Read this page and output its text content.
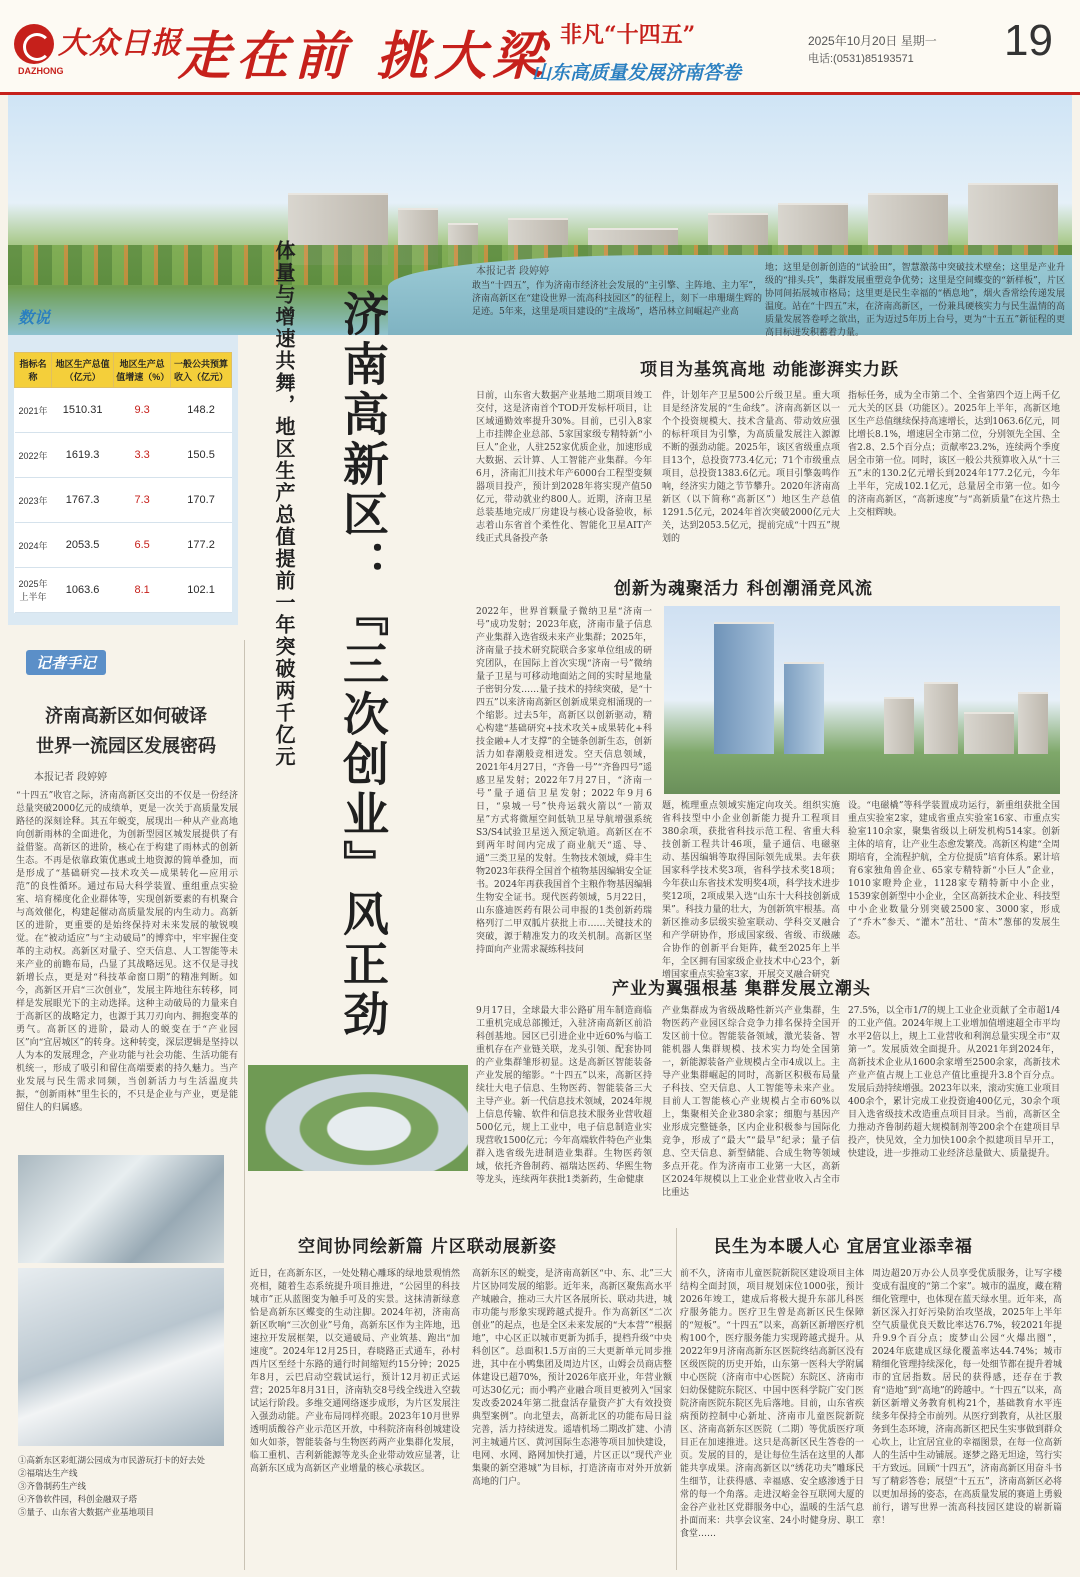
大众日报
DAZHONG 走在前 挑大梁 非凡“十四五”
山东高质量发展济南答卷
2025年10月20日 星期一
电话:(0531)85193571 19
数说
指标名称	地区生产总值（亿元）	地区生产总值增速（%）	一般公共预算收入（亿元）
2021年	1510.31	9.3	148.2
2022年	1619.3	3.3	150.5
2023年	1767.3	7.3	170.7
2024年	2053.5	6.5	177.2
2025年上半年	1063.6	8.1	102.1	体量与增速共舞，地区生产总值提前一年突破两千亿元 济南高新区：『三次创业』风正劲
记者手记
济南高新区如何破译
世界一流园区发展密码
本报记者 段婷婷
“十四五”收官之际，济南高新区交出的不仅是一份经济总量突破2000亿元的成绩单，更是一次关于高质量发展路径的深刻诠释。其五年蜕变，展现出一种从产业高地向创新雨林的全面进化，为创新型园区城发展提供了有益借鉴。高新区的进阶，核心在于构建了雨林式的创新生态。不再是依靠政策优惠或土地资源的简单叠加，而是形成了“基础研究—技术攻关—成果转化—应用示范”的良性循环。通过布局大科学装置、重组重点实验室、培育梯度化企业群体等，实现创新要素的有机聚合与高效催化，构建起催动高质量发展的内生动力。高新区的进阶，更重要的是始终保持对未来发展的敏锐嗅觉。在“被动适应”与“主动破局”的博弈中，牢牢握住变革的主动权。高新区对量子、空天信息、人工智能等未来产业的前瞻布局，凸显了其战略远见。这不仅是寻找新增长点，更是对“科技革命窗口期”的精准判断。如今，高新区开启“三次创业”，发展主阵地往东转移，同样是发展眼光下的主动选择。这种主动破局的力量来自于高新区的战略定力，也源于其刀刃向内、拥抱变革的勇气。高新区的进阶，最动人的蜕变在于“产业园区”向“宜居城区”的转身。这种转变，深层逻辑是坚持以人为本的发展理念，产业功能与社会功能、生活功能有机统一，形成了吸引和留住高端要素的持久魅力。当产业发展与民生需求同频，当创新活力与生活温度共振，“创新雨林”里生长的，不只是企业与产业，更是能留住人的归属感。
①高新东区彩虹湖公园成为市民游玩打卡的好去处
②福瑞达生产线
③齐鲁制药生产线
④齐鲁软件园，科创金融双子塔
⑤量子、山东省大数据产业基地项目
本报记者 段婷婷
敢当“十四五”，作为济南市经济社会发展的“主引擎、主阵地、主力军”，济南高新区在“建设世界一流高科技园区”的征程上，刻下一串珊瑚生辉的足迹。5年来，这里是项目建设的“主战场”，塔吊林立间崛起产业高
地；这里是创新创造的“试验田”，智慧激荡中突破技术壁垒；这里是产业升级的“排头兵”，集群发展重塑竞争优势；这里是空间蝶变的“新样板”，片区协同间拓展城市格局；这里更是民生幸福的“栖息地”，烟火香常绘传递发展温度。站在“十四五”末，在济南高新区，一份兼具硬核实力与民生温情的高质量发展答卷呼之欲出，正为迈过5年历上台号，更为“十五五”新征程的更高目标迸发积蓄着力量。
项目为基筑高地 动能澎湃实力跃
日前，山东省大数据产业基地二期项目竣工交付，这是济南首个TOD开发标杆项目，让区域通勤效率提升30%。目前，已引入8家上市挂牌企业总部、5家国家级专精特新“小巨人”企业，人驻252家优质企业，加速形成大数据、云计算、人工智能产业集群。今年6月，济南汇川技术年产6000台工程型变频器项目投产，预计到2028年将实现产值50亿元，带动就业约800人。近期，济南卫星总装基地完成厂房建设与核心设备验收，标志着山东省首个柔性化、智能化卫星AIT产线正式具备投产条
件，计划年产卫星500公斤级卫星。重大项目是经济发展的“生命线”。济南高新区以一个个投资规模大、技术含量高、带动效应强的标杆项目为引擎，为高质量发展注入源源不断的强劲动能。2025年，该区省级重点项目13个，总投资773.4亿元；71个市级重点项目，总投资1383.6亿元。项目引擎轰鸣作响，经济实力随之节节攀升。2020年济南高新区（以下简称“高新区”）地区生产总值1291.5亿元，2024年首次突破2000亿元大关，达到2053.5亿元，提前完成“十四五”规划的
指标任务，成为全市第二个、全省第四个迈上两千亿元大关的区县（功能区）。2025年上半年，高新区地区生产总值继续保持高速增长，达到1063.6亿元，同比增长8.1%，增速居全市第二位，分别领先全国、全省2.8、2.5个百分点；贡献率23.2%，连续两个季度居全市第一位。同时，该区一般公共预算收入从“十三五”末的130.2亿元增长到2024年177.2亿元，今年上半年，完成102.1亿元，总量居全市第一位。如今的济南高新区，“高新速度”与“高新质量”在这片热土上交相辉映。
创新为魂聚活力 科创潮涌竞风流
2022年，世界首颗量子微纳卫星“济南一号”成功发射；2023年底，济南市量子信息产业集群入选省级未来产业集群；2025年，济南量子技术研究院联合多家单位组成的研究团队，在国际上首次实现“济南一号”微纳量子卫星与可移动地面站之间的实时星地量子密钥分发……量子技术的持续突破，是“十四五”以来济南高新区创新成果竞相涌现的一个缩影。过去5年，高新区以创新驱动，精心构建“基础研究+技术攻关+成果转化+科技金融+人才支撑”的全链条创新生态，创新活力如春潮般竞相迸发。空天信息领域，2021年4月27日，“齐鲁一号”“齐鲁四号”遥感卫星发射；2022年7月27日，“济南一号”量子通信卫星发射；2022年9月6日，“泉城一号”快舟运载火箭以“一箭双星”方式将微厘空间低轨卫星导航增强系统S3/S4试验卫星送入预定轨道。高新区在不到两年时间内完成了商业航天“遥、导、通”三类卫星的发射。生物技术领域，舜丰生物2023年获得全国首个植物基因编辑安全证书。2024年再获我国首个主粮作物基因编辑生物安全证书。现代医药领域，5月22日，山东盛迪医药有限公司申报的1类创新药瑞格列汀二甲双胍片获批上市……关键技术的突破，源于精准发力的攻关机制。高新区坚持面向产业需求凝练科技问
题，梳理重点领域实施定向攻关。组织实施省科技型中小企业创新能力提升工程项目380余项，获批省科技示范工程、省重大科技创新工程共计46项，量子通信、电磁驱动、基因编辑等取得国际领先成果。去年获国家科学技术奖3项，省科学技术奖18项；今年获山东省技术发明奖4项，科学技术进步奖12项，2项成果入选“山东十大科技创新成果”。科技力量的壮大，为创新筑牢根基。高新区推动多层级实验室联动、学科交叉融合和产学研协作，形成国家级、省级、市级融合协作的创新平台矩阵，截至2025年上半年，全区拥有国家级企业技术中心23个，新增国家重点实验室3家，开展交叉融合研究
设。“电磁橇”等科学装置成功运行，新重组获批全国重点实验室2家，建成省重点实验室16家、市重点实验室110余家，聚集省级以上研发机构514家。创新主体的培育，让产业生态愈发繁茂。高新区构建“全周期培育，全流程护航，全方位提质”培育体系。累计培育6家独角兽企业、65家专精特新“小巨人”企业，1010家瞪羚企业，1128家专精特新中小企业，1539家创新型中小企业，全区高新技术企业、科技型中小企业数量分别突破2500家、3000家，形成了“乔木”参天、“灌木”茁壮、“苗木”葱郁的发展生态。
产业为翼强根基 集群发展立潮头
9月17日，全球最大非公路矿用车制造商临工重机完成总部搬迁，入驻济南高新区前沿科创基地。园区已引进企业中近60%与临工重机存在产业链关联，龙头引领、配套协同的产业集群雏形初显。这是高新区智能装备产业发展的缩影。“十四五”以来，高新区持续壮大电子信息、生物医药、智能装备三大主导产业。新一代信息技术领域，2024年规上信息传输、软件和信息技术服务业营收超500亿元，规上工业中，电子信息制造业实现营收1500亿元；今年高端软件特色产业集群入选省级先进制造业集群。生物医药领域，依托齐鲁制药、福瑞达医药、华熙生物等龙头，连续两年获批1类新药，生命健康
产业集群成为省级战略性新兴产业集群，生物医药产业园区综合竞争力排名保持全国开发区前十位。智能装备领域，激光装备、智能机器人集群规模、技术实力均处全国第一，新能源装备产业规模占全市4成以上。主导产业集群崛起的同时，高新区积极布局量子科技、空天信息、人工智能等未来产业。目前人工智能核心产业规模占全市60%以上，集聚相关企业380余家；细胞与基因产业形成完整链条，区内企业积极参与国际化竞争，形成了“最大”“最早”纪录；量子信息、空天信息、新型储能、合成生物等领域多点开花。作为济南市工业第一大区，高新区2024年规模以上工业企业营业收入占全市比重达
27.5%，以全市1/7的规上工业企业贡献了全市超1/4的工业产值。2024年规上工业增加值增速超全市平均水平2倍以上，规上工业营收和利润总量实现全市“双第一”。发展质效全面提升。从2021年到2024年，高新技术企业从1600余家增至2500余家，高新技术产业产值占规上工业总产值比重提升3.8个百分点。发展后劲持续增强。2023年以来，滚动实施工业项目400余个，累计完成工业投资逾400亿元，30余个项目入选省级技术改造重点项目目录。当前，高新区全力推动齐鲁制药超大规模制剂等200余个在建项目早投产，快见效，全力加快100余个拟建项目早开工，快建设，进一步推动工业经济总量做大、质量提升。
空间协同绘新篇 片区联动展新姿
近日，在高新东区，一处处精心雕琢的绿地景观悄然亮相，随着生态系统提升项目推进，“公园里的科技城市”正从蓝图变为触手可及的实景。这抹清新绿意恰是高新东区蝶变的生动注脚。2024年初，济南高新区吹响“三次创业”号角，高新东区作为主阵地，迅速拉开发展框架，以交通破局、产业筑基、跑出“加速度”。2024年12月25日，春晓路正式通车，孙村西片区至经十东路的通行时间缩短约15分钟；2025年8月，云巴启动空载试运行，预计12月初正式运营；2025年8月31日，济南轨交8号线全线进入空载试运行阶段。多维交通网络逐步成形，为片区发展注入强劲动能。产业布局同样亮眼。2023年10月世界透明质酸谷产业示范区开放，中科院济南科创城建设如火如荼，智能装备与生物医药两产业集群化发展，临工重机、吉利新能源等龙头企业带动效应显著，让高新东区成为高新区产业增量的核心承载区。
高新东区的蜕变，是济南高新区“中、东、北”三大片区协同发展的缩影。近年来，高新区聚焦高水平产城融合，推动三大片区各展所长、联动共进，城市功能与形象实现跨越式提升。作为高新区“二次创业”的起点，也是全区未来发展的“大本营”“根据地”，中心区正以城市更新为抓手，提档升级“中央科创区”。总面积1.5万亩的三大更新单元同步推进，其中在小鸭集团及周边片区，山姆会员商店整体建设已超70%，预计2026年底开业，年营业额可达30亿元；而小鸭产业融合项目更被列入“国家发改委2024年第二批盘活存量资产扩大有效投资典型案例”。向北望去，高新北区的功能布局日益完善，活力持续迸发。遥墙机场二期改扩建、小清河主城通片区、黄河国际生态港等项目加快建设，电网、水网、路网加快打通，片区正以“现代产业集聚的新空港城”为目标，打造济南市对外开放新高地的门户。
民生为本暖人心 宜居宜业添幸福
前不久，济南市儿童医院新院区建设项目主体结构全面封顶，项目规划床位1000张，预计2026年竣工，建成后将极大提升东部儿科医疗服务能力。医疗卫生曾是高新区民生保障的“短板”。“十四五”以来，高新区新增医疗机构100个，医疗服务能力实现跨越式提升。从2022年9月济南高新东区医院终结高新区没有区级医院的历史开始，山东第一医科大学附属中心医院（济南市中心医院）东院区、济南市妇幼保健院东院区、中国中医科学院广安门医院济南医院东院区先后落地。目前，山东省疾病预防控制中心新址、济南市儿童医院新院区、济南高新东区医院（二期）等优质医疗项目正在加速推进。这只是高新区民生答卷的一页。发展的目的，是让每位生活在这里的人都能共享成果。济南高新区以“绣花功夫”雕琢民生细节，让获得感、幸福感、安全感渗透于日常的每一个角落。走进汉峪金谷互联网大厦的金谷产业社区党群服务中心，温暖的生活气息扑面而来：共享会议室、24小时健身房、职工食堂……
周边超20万办公人员享受优质服务，让写字楼变成有温度的“第二个家”。城市的温度，藏在精细化管理中，也体现在蓝天绿水里。近年来，高新区深入打好污染防治攻坚战，2025年上半年空气质量优良天数比率达76.7%，较2021年提升9.9个百分点；废梦山公园“火爆出圈”，2024年底建成区绿化覆盖率达44.74%；城市精细化管理持续深化，每一处细节都在提升着城市的宜居指数。居民的获得感，还存在于教育“造地”到“高地”的跨越中。“十四五”以来，高新区新增义务教育机构21个，基础教育水平连续多年保持全市前列。从医疗到教育，从社区服务到生态环境，济南高新区把民生实事做到群众心坎上，让宜居宜业的幸福图景，在每一位高新人的生活中生动铺展。逐梦之路无坦途，笃行实干方致远。回顾“十四五”，济南高新区用奋斗书写了精彩答卷；展望“十五五”，济南高新区必将以更加昂扬的姿态，在高质量发展的赛道上勇毅前行，谱写世界一流高科技园区建设的崭新篇章！
